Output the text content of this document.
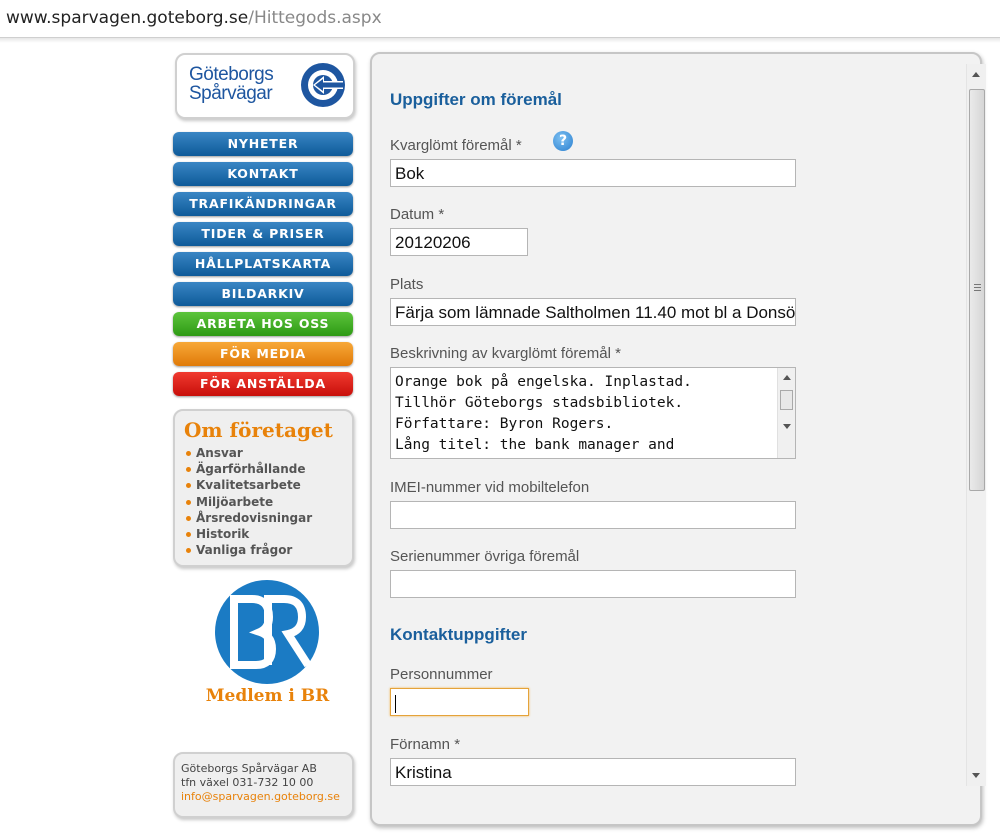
www.sparvagen.goteborg.se/Hittegods.aspx
Göteborgs
Spårvägar
NYHETER
KONTAKT
TRAFIKÄNDRINGAR
TIDER & PRISER
HÅLLPLATSKARTA
BILDARKIV
ARBETA HOS OSS
FÖR MEDIA
FÖR ANSTÄLLDA
Om företaget
Ansvar
Ägarförhållande
Kvalitetsarbete
Miljöarbete
Årsredovisningar
Historik
Vanliga frågor
Medlem i BR
Göteborgs Spårvägar AB
tfn växel 031-732 10 00
info@sparvagen.goteborg.se
Uppgifter om föremål
Kvarglömt föremål *	?
Bok
Datum *
20120206
Plats
Färja som lämnade Saltholmen 11.40 mot bl a Donsö
Beskrivning av kvarglömt föremål *
Orange bok på engelska. Inplastad.
Tillhör Göteborgs stadsbibliotek.
Författare: Byron Rogers.
Lång titel: the bank manager and
IMEI-nummer vid mobiltelefon
Serienummer övriga föremål
Kontaktuppgifter
Personnummer
Förnamn *
Kristina
